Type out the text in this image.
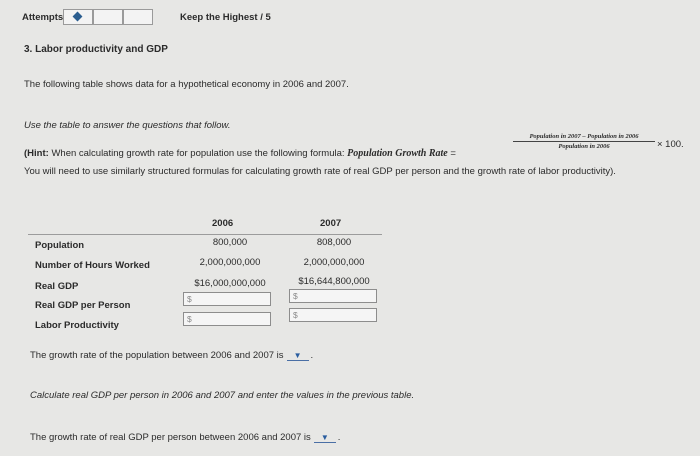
Attempts	Keep the Highest / 5
3. Labor productivity and GDP
The following table shows data for a hypothetical economy in 2006 and 2007.
Use the table to answer the questions that follow.
(Hint: When calculating growth rate for population use the following formula: Population Growth Rate =
Population in 2007 – Population in 2006
Population in 2006	× 100.
You will need to use similarly structured formulas for calculating growth rate of real GDP per person and the growth rate of labor productivity).
2006	2007
Population	800,000	808,000
Number of Hours Worked	2,000,000,000	2,000,000,000
Real GDP	$16,000,000,000	$16,644,800,000
Real GDP per Person
$	$
Labor Productivity
$	$
The growth rate of the population between 2006 and 2007 is ▼ .
Calculate real GDP per person in 2006 and 2007 and enter the values in the previous table.
The growth rate of real GDP per person between 2006 and 2007 is ▼ .
